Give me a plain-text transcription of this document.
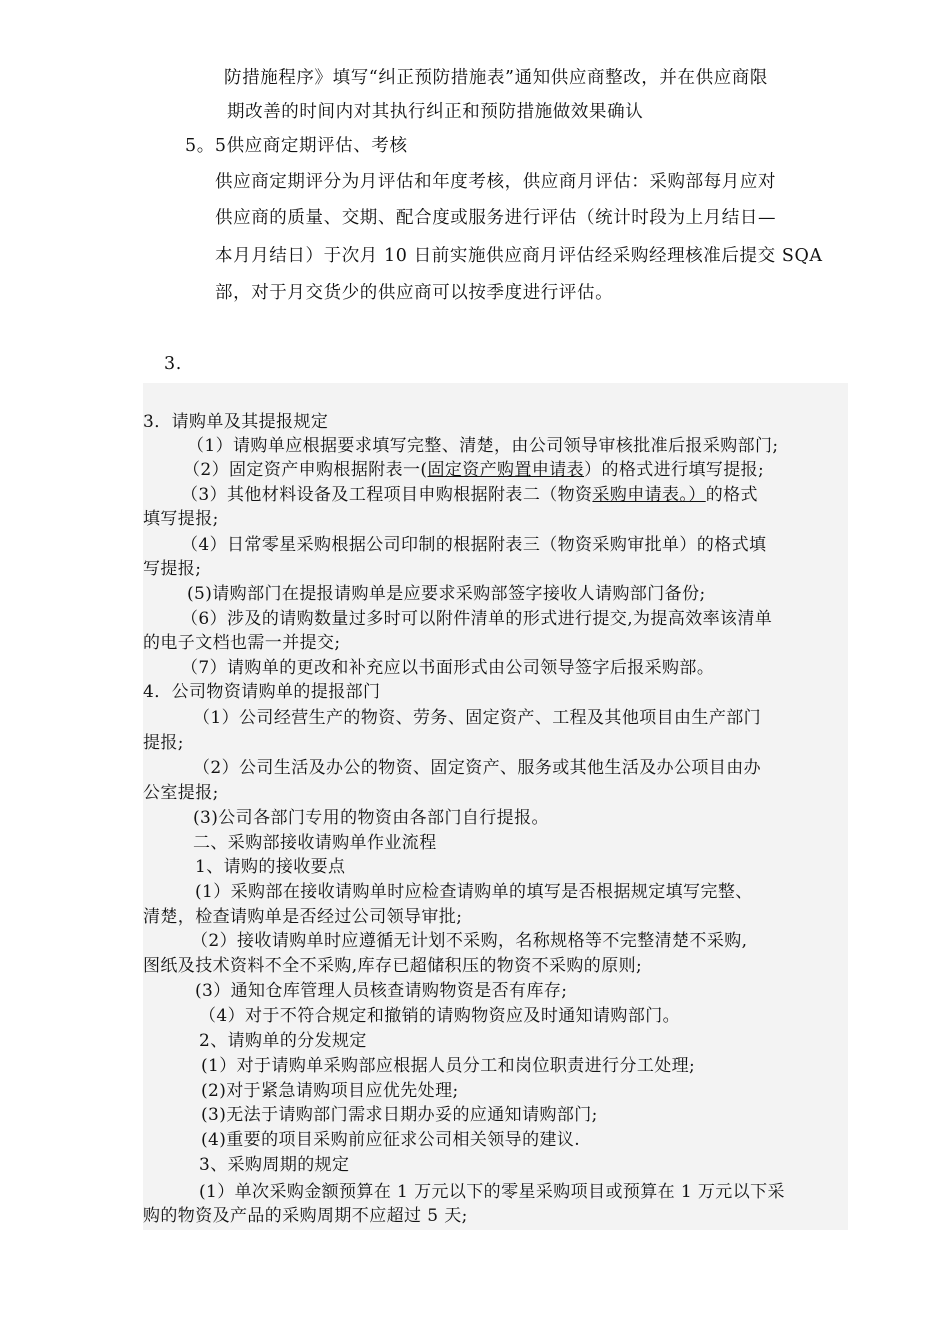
防措施程序》填写“纠正预防措施表”通知供应商整改，并在供应商限

期改善的时间内对其执行纠正和预防措施做效果确认

5。5供应商定期评估、考核

供应商定期评分为月评估和年度考核，供应商月评估：采购部每月应对

供应商的质量、交期、配合度或服务进行评估（统计时段为上月结日—

本月月结日）于次月 10 日前实施供应商月评估经采购经理核准后提交 SQA

部，对于月交货少的供应商可以按季度进行评估。

3.

3．请购单及其提报规定

（1）请购单应根据要求填写完整、清楚，由公司领导审核批准后报采购部门;

（2）固定资产申购根据附表一(固定资产购置申请表）的格式进行填写提报;

（3）其他材料设备及工程项目申购根据附表二（物资采购申请表。）的格式

填写提报;

（4）日常零星采购根据公司印制的根据附表三（物资采购审批单）的格式填

写提报;

(5)请购部门在提报请购单是应要求采购部签字接收人请购部门备份;

（6）涉及的请购数量过多时可以附件清单的形式进行提交,为提高效率该清单

的电子文档也需一并提交;

（7）请购单的更改和补充应以书面形式由公司领导签字后报采购部。

4．公司物资请购单的提报部门

（1）公司经营生产的物资、劳务、固定资产、工程及其他项目由生产部门

提报;

（2）公司生活及办公的物资、固定资产、服务或其他生活及办公项目由办

公室提报;

(3)公司各部门专用的物资由各部门自行提报。

二、采购部接收请购单作业流程

1、请购的接收要点

(1）采购部在接收请购单时应检查请购单的填写是否根据规定填写完整、

清楚，检查请购单是否经过公司领导审批;

（2）接收请购单时应遵循无计划不采购，名称规格等不完整清楚不采购,

图纸及技术资料不全不采购,库存已超储积压的物资不采购的原则;

(3）通知仓库管理人员核查请购物资是否有库存;

（4）对于不符合规定和撤销的请购物资应及时通知请购部门。

2、请购单的分发规定

(1）对于请购单采购部应根据人员分工和岗位职责进行分工处理;

(2)对于紧急请购项目应优先处理;

(3)无法于请购部门需求日期办妥的应通知请购部门;

(4)重要的项目采购前应征求公司相关领导的建议.

3、采购周期的规定

(1）单次采购金额预算在 1 万元以下的零星采购项目或预算在 1 万元以下采

购的物资及产品的采购周期不应超过 5 天;
